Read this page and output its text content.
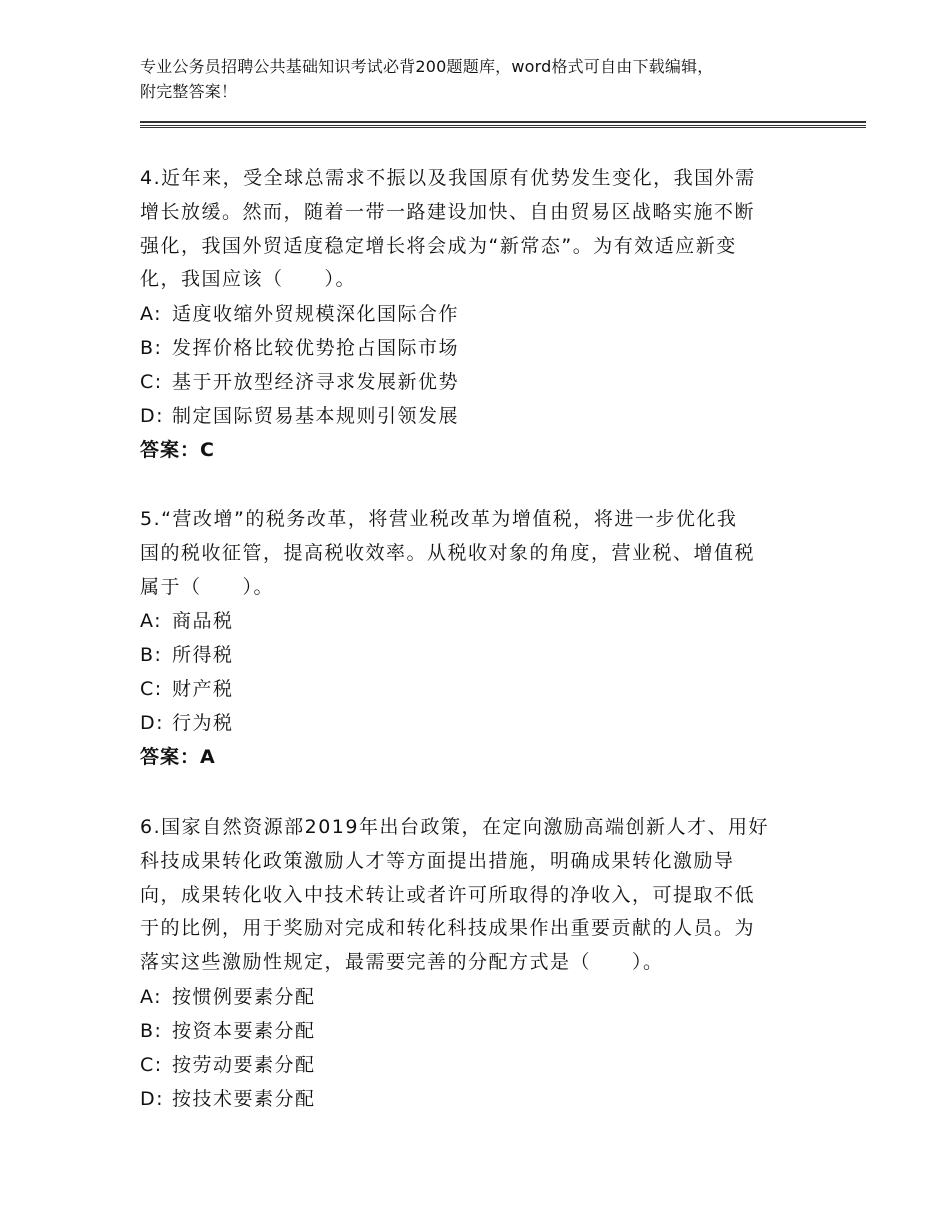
专业公务员招聘公共基础知识考试必背200题题库，word格式可自由下载编辑，
附完整答案！

4.近年来，受全球总需求不振以及我国原有优势发生变化，我国外需
增长放缓。然而，随着一带一路建设加快、自由贸易区战略实施不断
强化，我国外贸适度稳定增长将会成为“新常态”。为有效适应新变
化，我国应该（　　）。

A: 适度收缩外贸规模深化国际合作

B: 发挥价格比较优势抢占国际市场

C: 基于开放型经济寻求发展新优势

D: 制定国际贸易基本规则引领发展

答案：C

5.“营改增”的税务改革，将营业税改革为增值税，将进一步优化我
国的税收征管，提高税收效率。从税收对象的角度，营业税、增值税
属于（　　）。

A: 商品税

B: 所得税

C: 财产税

D: 行为税

答案：A

6.国家自然资源部2019年出台政策，在定向激励高端创新人才、用好
科技成果转化政策激励人才等方面提出措施，明确成果转化激励导
向，成果转化收入中技术转让或者许可所取得的净收入，可提取不低
于的比例，用于奖励对完成和转化科技成果作出重要贡献的人员。为
落实这些激励性规定，最需要完善的分配方式是（　　）。

A: 按惯例要素分配

B: 按资本要素分配

C: 按劳动要素分配

D: 按技术要素分配
